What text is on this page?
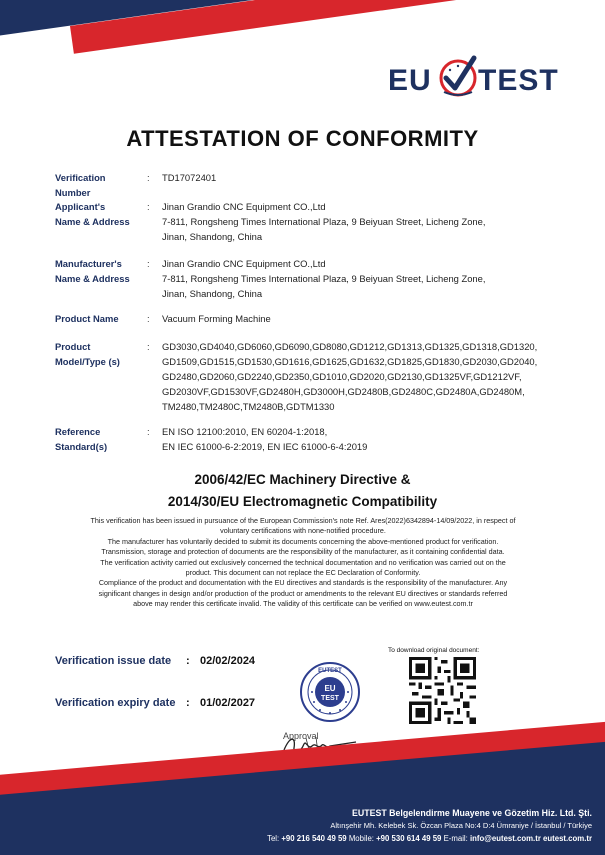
EU TEST
ATTESTATION OF CONFORMITY
Verification
Number
: TD17072401
Applicant's
Name & Address
: Jinan Grandio CNC Equipment CO.,Ltd
7-811, Rongsheng Times International Plaza, 9 Beiyuan Street, Licheng Zone,
Jinan, Shandong, China
Manufacturer's
Name & Address
: Jinan Grandio CNC Equipment CO.,Ltd
7-811, Rongsheng Times International Plaza, 9 Beiyuan Street, Licheng Zone,
Jinan, Shandong, China
Product Name	: Vacuum Forming Machine
Product
Model/Type (s)
: GD3030,GD4040,GD6060,GD6090,GD8080,GD1212,GD1313,GD1325,GD1318,GD1320,
GD1509,GD1515,GD1530,GD1616,GD1625,GD1632,GD1825,GD1830,GD2030,GD2040,
GD2480,GD2060,GD2240,GD2350,GD1010,GD2020,GD2130,GD1325VF,GD1212VF,
GD2030VF,GD1530VF,GD2480H,GD3000H,GD2480B,GD2480C,GD2480A,GD2480M,
TM2480,TM2480C,TM2480B,GDTM1330
Reference
Standard(s)
: EN ISO 12100:2010, EN 60204-1:2018,
EN IEC 61000-6-2:2019, EN IEC 61000-6-4:2019
2006/42/EC Machinery Directive &
2014/30/EU Electromagnetic Compatibility
This verification has been issued in pursuance of the European Commission's note Ref. Ares(2022)6342894-14/09/2022, in respect of
voluntary certifications with none-notified procedure.
The manufacturer has voluntarily decided to submit its documents concerning the above-mentioned product for verification.
Transmission, storage and protection of documents are the responsibility of the manufacturer, as it containing confidential data.
The verification activity carried out exclusively concerned the technical documentation and no verification was carried out on the
product. This document can not replace the EC Declaration of Conformity.
Compliance of the product and documentation with the EU directives and standards is the responsibility of the manufacturer. Any
significant changes in design and/or production of the product or amendments to the relevant EU directives or standards referred
above may render this certificate invalid. The validity of this certificate can be verified on www.eutest.com.tr
Verification issue date : 02/02/2024
Verification expiry date : 01/02/2027
EUTEST
EU
TEST
To download original document:
Approval
EUTEST Belgelendirme Muayene ve Gözetim Hiz. Ltd. Şti.
Altınşehir Mh. Kelebek Sk. Özcan Plaza No:4 D:4 Ümraniye / İstanbul / Türkiye
Tel: +90 216 540 49 59 Mobile: +90 530 614 49 59 E-mail: info@eutest.com.tr eutest.com.tr
